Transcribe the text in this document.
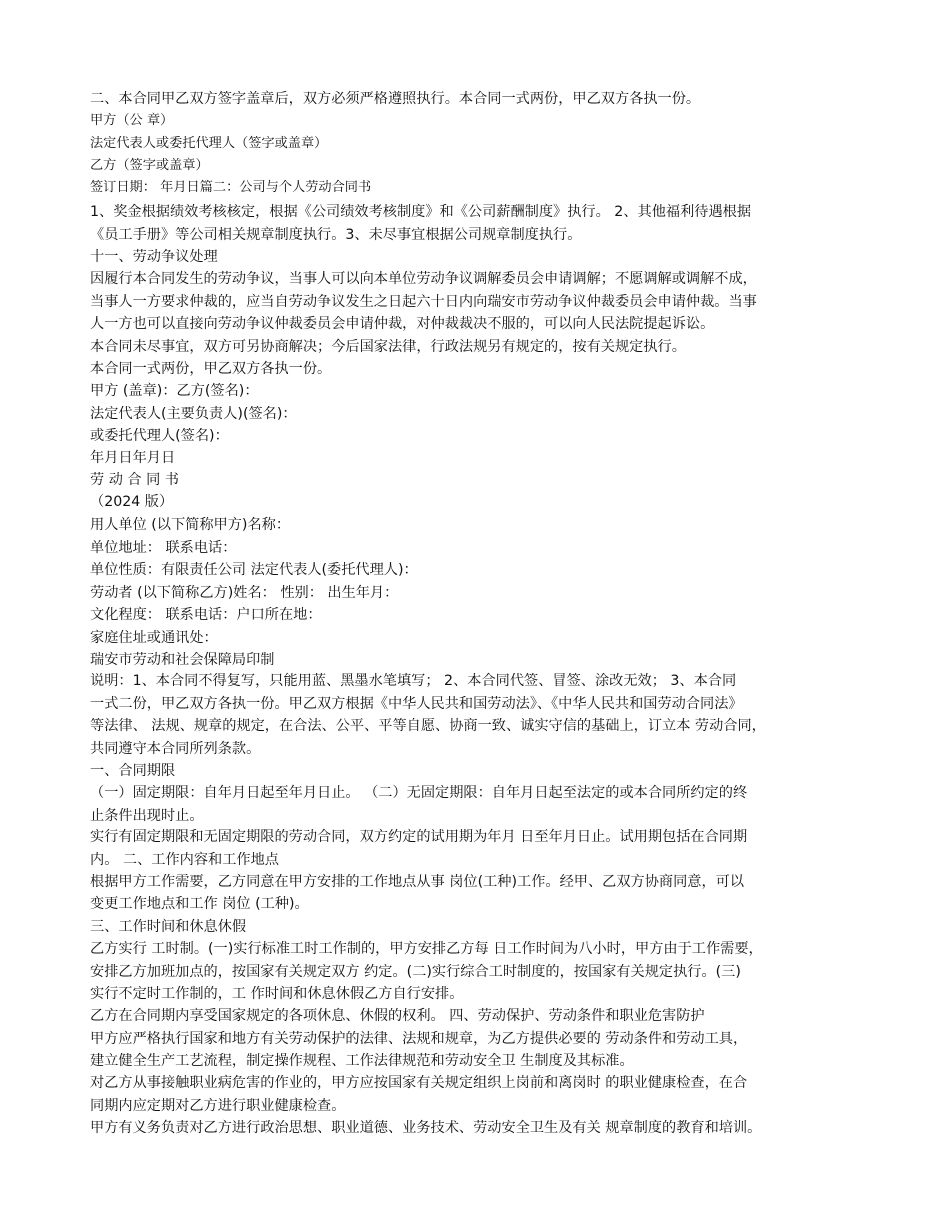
二、本合同甲乙双方签字盖章后，双方必须严格遵照执行。本合同一式两份，甲乙双方各执一份。

甲方（公 章）

法定代表人或委托代理人（签字或盖章）

乙方（签字或盖章）

签订日期： 年月日篇二：公司与个人劳动合同书

1、奖金根据绩效考核核定，根据《公司绩效考核制度》和《公司薪酬制度》执行。 2、其他福利待遇根据

《员工手册》等公司相关规章制度执行。3、未尽事宜根据公司规章制度执行。

十一、劳动争议处理

因履行本合同发生的劳动争议，当事人可以向本单位劳动争议调解委员会申请调解；不愿调解或调解不成，

当事人一方要求仲裁的，应当自劳动争议发生之日起六十日内向瑞安市劳动争议仲裁委员会申请仲裁。当事

人一方也可以直接向劳动争议仲裁委员会申请仲裁，对仲裁裁决不服的，可以向人民法院提起诉讼。

本合同未尽事宜，双方可另协商解决；今后国家法律，行政法规另有规定的，按有关规定执行。

本合同一式两份，甲乙双方各执一份。

甲方 (盖章)：乙方(签名)：

法定代表人(主要负责人)(签名)：

或委托代理人(签名)：

年月日年月日

劳 动 合 同 书

（2024 版）

用人单位 (以下简称甲方)名称：

单位地址： 联系电话：

单位性质：有限责任公司 法定代表人(委托代理人)：

劳动者 (以下简称乙方)姓名： 性别： 出生年月：

文化程度： 联系电话：户口所在地：

家庭住址或通讯处：

瑞安市劳动和社会保障局印制

说明：1、本合同不得复写，只能用蓝、黑墨水笔填写； 2、本合同代签、冒签、涂改无效； 3、本合同

一式二份，甲乙双方各执一份。甲乙双方根据《中华人民共和国劳动法》、《中华人民共和国劳动合同法》

等法律、 法规、规章的规定，在合法、公平、平等自愿、协商一致、诚实守信的基础上，订立本 劳动合同，

共同遵守本合同所列条款。

一、合同期限

（一）固定期限：自年月日起至年月日止。 （二）无固定期限：自年月日起至法定的或本合同所约定的终

止条件出现时止。

实行有固定期限和无固定期限的劳动合同，双方约定的试用期为年月 日至年月日止。试用期包括在合同期

内。 二、工作内容和工作地点

根据甲方工作需要，乙方同意在甲方安排的工作地点从事 岗位(工种)工作。经甲、乙双方协商同意，可以

变更工作地点和工作 岗位 (工种)。

三、工作时间和休息休假

乙方实行 工时制。(一)实行标准工时工作制的，甲方安排乙方每 日工作时间为八小时，甲方由于工作需要，

安排乙方加班加点的，按国家有关规定双方 约定。(二)实行综合工时制度的，按国家有关规定执行。(三)

实行不定时工作制的，工 作时间和休息休假乙方自行安排。

乙方在合同期内享受国家规定的各项休息、休假的权利。 四、劳动保护、劳动条件和职业危害防护

甲方应严格执行国家和地方有关劳动保护的法律、法规和规章，为乙方提供必要的 劳动条件和劳动工具，

建立健全生产工艺流程，制定操作规程、工作法律规范和劳动安全卫 生制度及其标准。

对乙方从事接触职业病危害的作业的，甲方应按国家有关规定组织上岗前和离岗时 的职业健康检查，在合

同期内应定期对乙方进行职业健康检查。

甲方有义务负责对乙方进行政治思想、职业道德、业务技术、劳动安全卫生及有关 规章制度的教育和培训。
